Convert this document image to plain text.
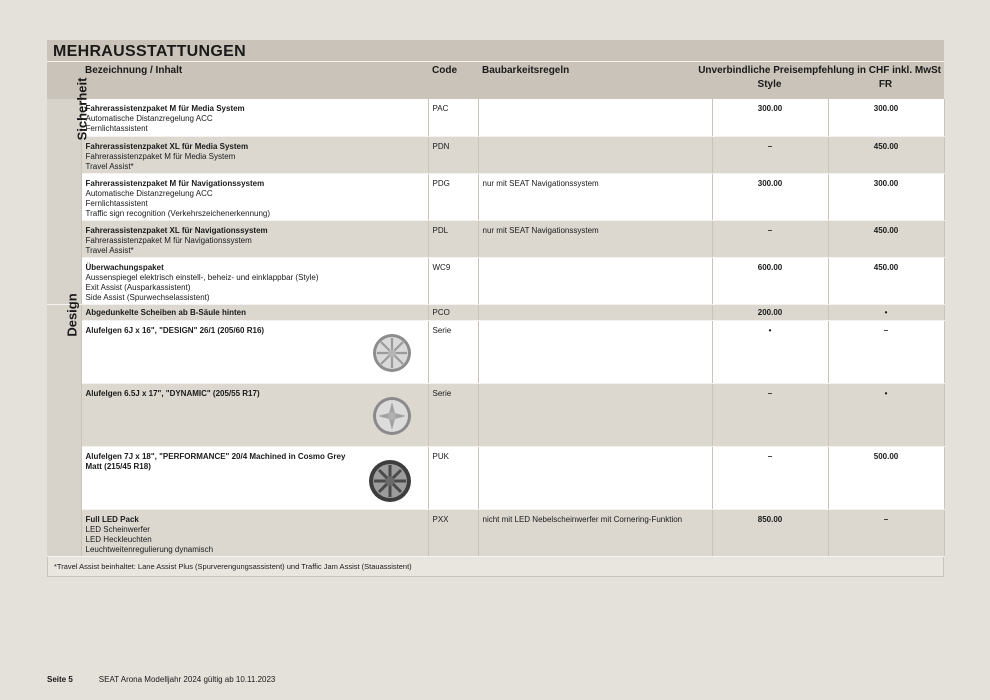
MEHRAUSSTATTUNGEN
Bezeichnung / Inhalt	Code	Baubarkeitsregeln	Unverbindliche Preisempfehlung in CHF inkl. MwSt
Style	FR
Sicherheit	Fahrerassistenzpaket M für Media System
Automatische Distanzregelung ACC
Fernlichtassistent	PAC		300.00	300.00

	Fahrerassistenzpaket XL für Media System
Fahrerassistenzpaket M für Media System
Travel Assist*	PDN		–	450.00

	Fahrerassistenzpaket M für Navigationssystem
Automatische Distanzregelung ACC
Fernlichtassistent
Traffic sign recognition (Verkehrszeichenerkennung)	PDG	nur mit SEAT Navigationssystem	300.00	300.00

	Fahrerassistenzpaket XL für Navigationssystem
Fahrerassistenzpaket M für Navigationssystem
Travel Assist*	PDL	nur mit SEAT Navigationssystem	–	450.00

	Überwachungspaket
Aussenspiegel elektrisch einstell-, beheiz- und einklappbar (Style)
Exit Assist (Ausparkassistent)
Side Assist (Spurwechselassistent)	WC9		600.00	450.00
Design	Abgedunkelte Scheiben ab B-Säule hinten	PCO		200.00	•

	Alufelgen 6J x 16", "DESIGN" 26/1 (205/60 R16)	Serie		•	–

	Alufelgen 6.5J x 17", "DYNAMIC" (205/55 R17)	Serie		–	•

	Alufelgen 7J x 18", "PERFORMANCE" 20/4 Machined in Cosmo Grey Matt (215/45 R18)	PUK		–	500.00

	Full LED Pack
LED Scheinwerfer
LED Heckleuchten
Leuchtweitenregulierung dynamisch	PXX	nicht mit LED Nebelscheinwerfer mit Cornering-Funktion	850.00	–
*Travel Assist beinhaltet: Lane Assist Plus (Spurverengungsassistent) und Traffic Jam Assist (Stauassistent)
Seite 5	SEAT Arona Modelljahr 2024 gültig ab 10.11.2023
